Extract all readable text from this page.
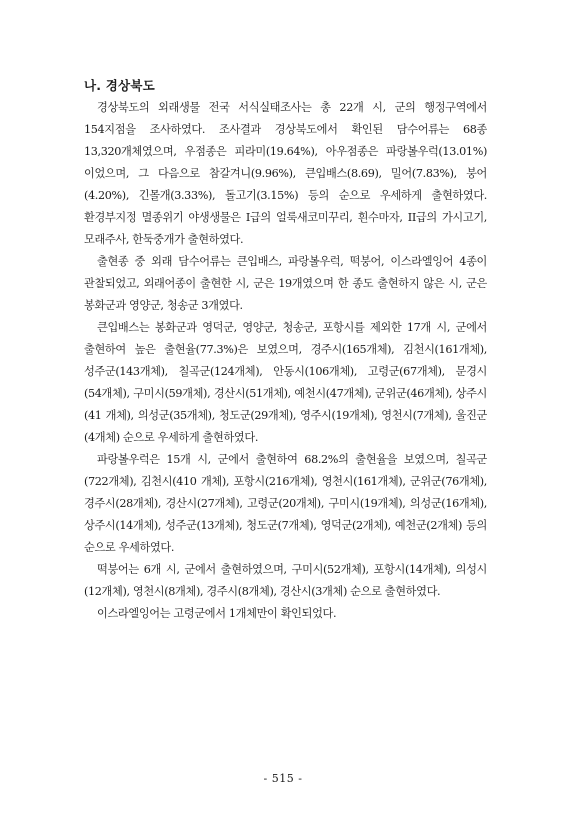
나. 경상북도

경상북도의 외래생물 전국 서식실태조사는 총 22개 시, 군의 행정구역에서 154지점을 조사하였다. 조사결과 경상북도에서 확인된 담수어류는 68종 13,320개체였으며, 우점종은 피라미(19.64%), 아우점종은 파랑볼우럭(13.01%)이었으며, 그 다음으로 참갈겨니(9.96%), 큰입배스(8.69), 밀어(7.83%), 붕어(4.20%), 긴몰개(3.33%), 돌고기(3.15%) 등의 순으로 우세하게 출현하였다. 환경부지정 멸종위기 야생생물은 I급의 얼룩새코미꾸리, 흰수마자, II급의 가시고기, 모래주사, 한둑중개가 출현하였다.

출현종 중 외래 담수어류는 큰입배스, 파랑볼우럭, 떡붕어, 이스라엘잉어 4종이 관찰되었고, 외래어종이 출현한 시, 군은 19개였으며 한 종도 출현하지 않은 시, 군은 봉화군과 영양군, 청송군 3개였다.

큰입배스는 봉화군과 영덕군, 영양군, 청송군, 포항시를 제외한 17개 시, 군에서 출현하여 높은 출현율(77.3%)은 보였으며, 경주시(165개체), 김천시(161개체), 성주군(143개체), 칠곡군(124개체), 안동시(106개체), 고령군(67개체), 문경시(54개체), 구미시(59개체), 경산시(51개체), 예천시(47개체), 군위군(46개체), 상주시(41 개체), 의성군(35개체), 청도군(29개체), 영주시(19개체), 영천시(7개체), 울진군(4개체) 순으로 우세하게 출현하였다.

파랑볼우럭은 15개 시, 군에서 출현하여 68.2%의 출현율을 보였으며, 칠곡군(722개체), 김천시(410 개체), 포항시(216개체), 영천시(161개체), 군위군(76개체), 경주시(28개체), 경산시(27개체), 고령군(20개체), 구미시(19개체), 의성군(16개체), 상주시(14개체), 성주군(13개체), 청도군(7개체), 영덕군(2개체), 예천군(2개체) 등의 순으로 우세하였다.

떡붕어는 6개 시, 군에서 출현하였으며, 구미시(52개체), 포항시(14개체), 의성시(12개체), 영천시(8개체), 경주시(8개체), 경산시(3개체) 순으로 출현하였다.

이스라엘잉어는 고령군에서 1개체만이 확인되었다.

- 515 -
